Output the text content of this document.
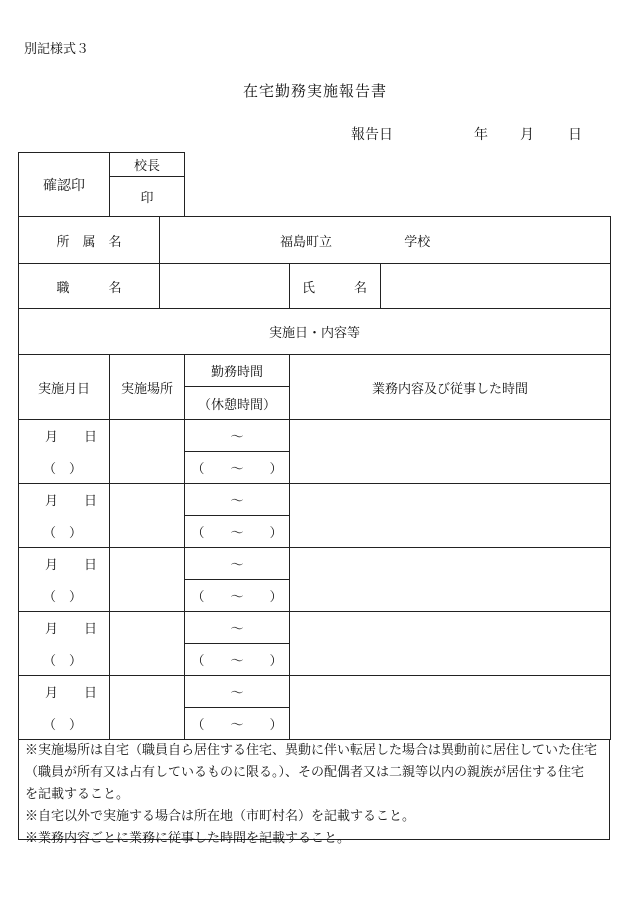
別記様式３
在宅勤務実施報告書
報告日	年 月 日
確認印	校長
印
所　属　名		福島町立 学校			
職　　　名				氏　　　名	
実施日・内容等					
実施月日	実施場所		勤務時間	業務内容及び従事した時間	
			（休憩時間）		
月　　日			～		
（　）			（　　～　　）		
月　　日			～		
（　）			（　　～　　）		
月　　日			～		
（　）			（　　～　　）		
月　　日			～		
（　）			（　　～　　）		
月　　日			～		
（　）			（　　～　　）		

※実施場所は自宅（職員自ら居住する住宅、異動に伴い転居した場合は異動前に居住していた住宅

（職員が所有又は占有しているものに限る。）、その配偶者又は二親等以内の親族が居住する住宅

を記載すること。

※自宅以外で実施する場合は所在地（市町村名）を記載すること。

※業務内容ごとに業務に従事した時間を記載すること。
